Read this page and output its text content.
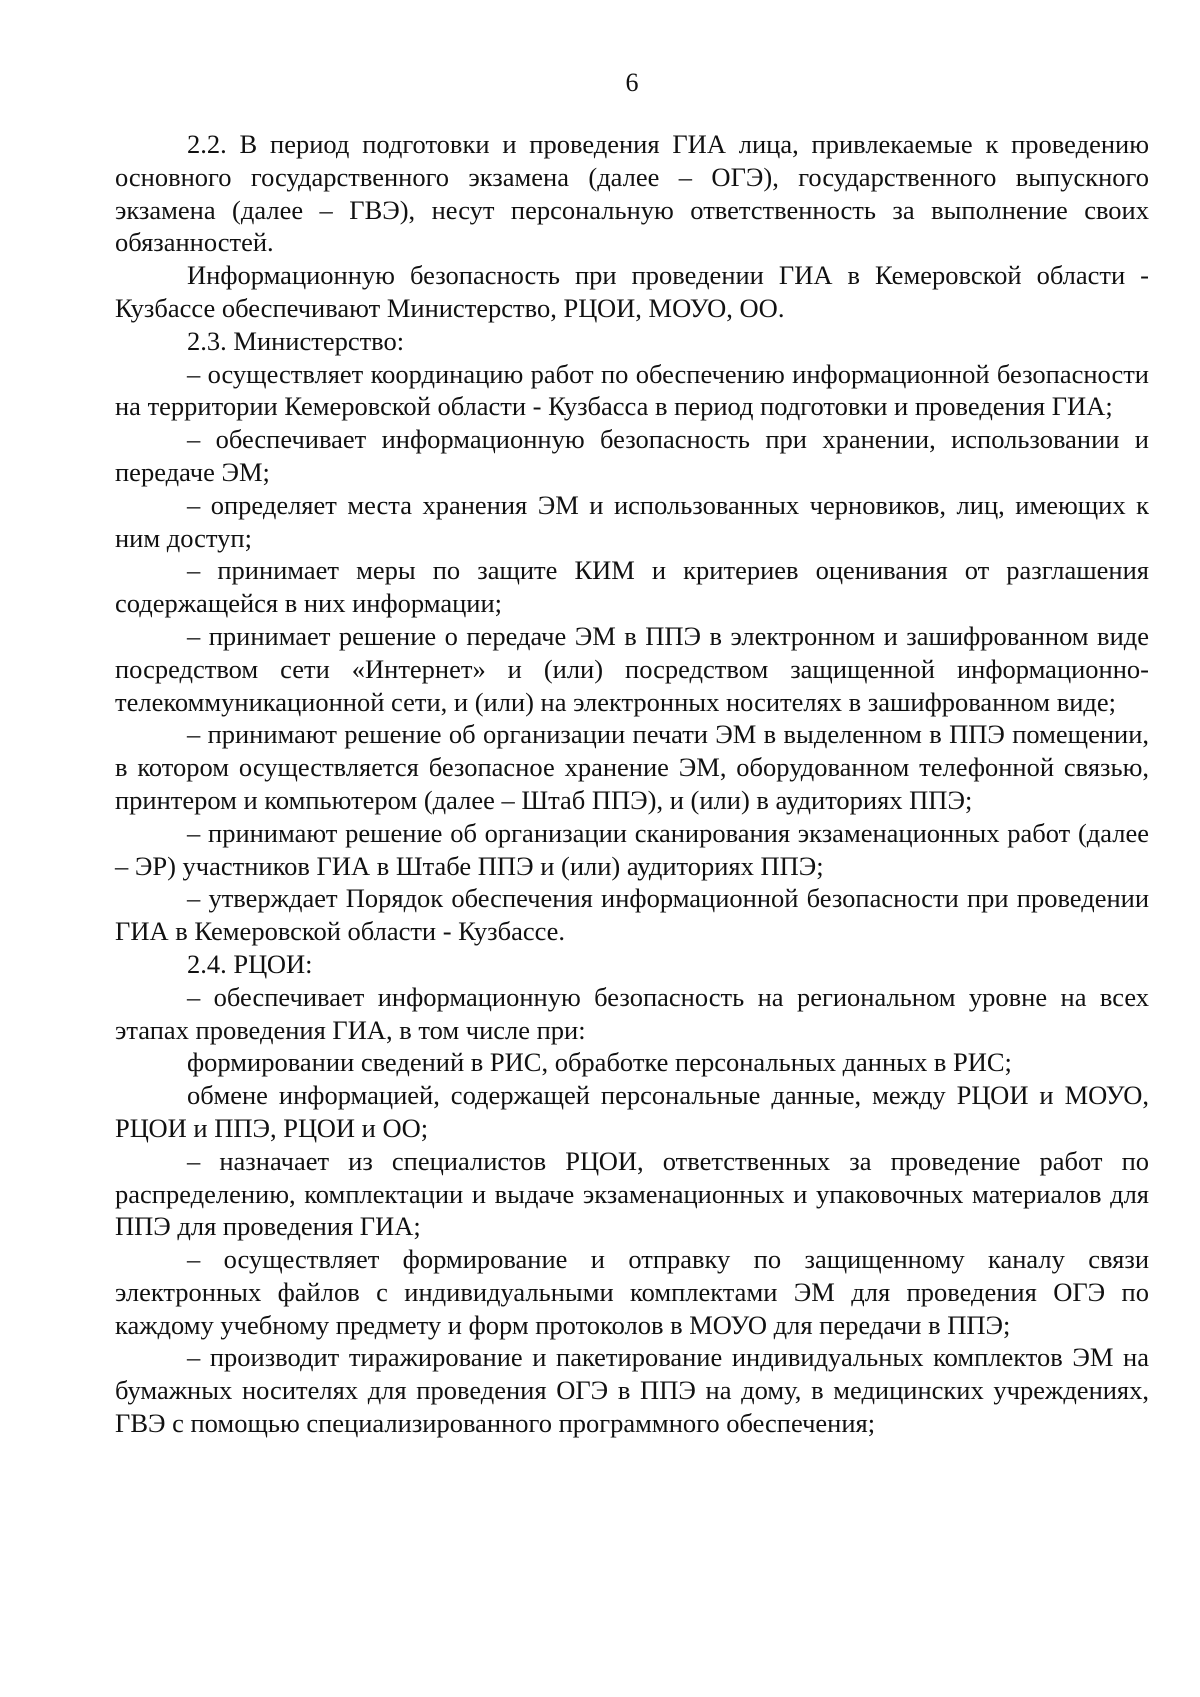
6

2.2. В период подготовки и проведения ГИА лица, привлекаемые к проведению основного государственного экзамена (далее – ОГЭ), государственного выпускного экзамена (далее – ГВЭ), несут персональную ответственность за выполнение своих обязанностей.

Информационную безопасность при проведении ГИА в Кемеровской области - Кузбассе обеспечивают Министерство, РЦОИ, МОУО, ОО.

2.3. Министерство:

– осуществляет координацию работ по обеспечению информационной безопасности на территории Кемеровской области - Кузбасса в период подготовки и проведения ГИА;

– обеспечивает информационную безопасность при хранении, использовании и передаче ЭМ;

– определяет места хранения ЭМ и использованных черновиков, лиц, имеющих к ним доступ;

– принимает меры по защите КИМ и критериев оценивания от разглашения содержащейся в них информации;

– принимает решение о передаче ЭМ в ППЭ в электронном и зашифрованном виде посредством сети «Интернет» и (или) посредством защищенной информационно-телекоммуникационной сети, и (или) на электронных носителях в зашифрованном виде;

– принимают решение об организации печати ЭМ в выделенном в ППЭ помещении, в котором осуществляется безопасное хранение ЭМ, оборудованном телефонной связью, принтером и компьютером (далее – Штаб ППЭ), и (или) в аудиториях ППЭ;

– принимают решение об организации сканирования экзаменационных работ (далее – ЭР) участников ГИА в Штабе ППЭ и (или) аудиториях ППЭ;

– утверждает Порядок обеспечения информационной безопасности при проведении ГИА в Кемеровской области - Кузбассе.

2.4. РЦОИ:

– обеспечивает информационную безопасность на региональном уровне на всех этапах проведения ГИА, в том числе при:

формировании сведений в РИС, обработке персональных данных в РИС;

обмене информацией, содержащей персональные данные, между РЦОИ и МОУО, РЦОИ и ППЭ, РЦОИ и ОО;

– назначает из специалистов РЦОИ, ответственных за проведение работ по распределению, комплектации и выдаче экзаменационных и упаковочных материалов для ППЭ для проведения ГИА;

– осуществляет формирование и отправку по защищенному каналу связи электронных файлов с индивидуальными комплектами ЭМ для проведения ОГЭ по каждому учебному предмету и форм протоколов в МОУО для передачи в ППЭ;

– производит тиражирование и пакетирование индивидуальных комплектов ЭМ на бумажных носителях для проведения ОГЭ в ППЭ на дому, в медицинских учреждениях, ГВЭ с помощью специализированного программного обеспечения;
